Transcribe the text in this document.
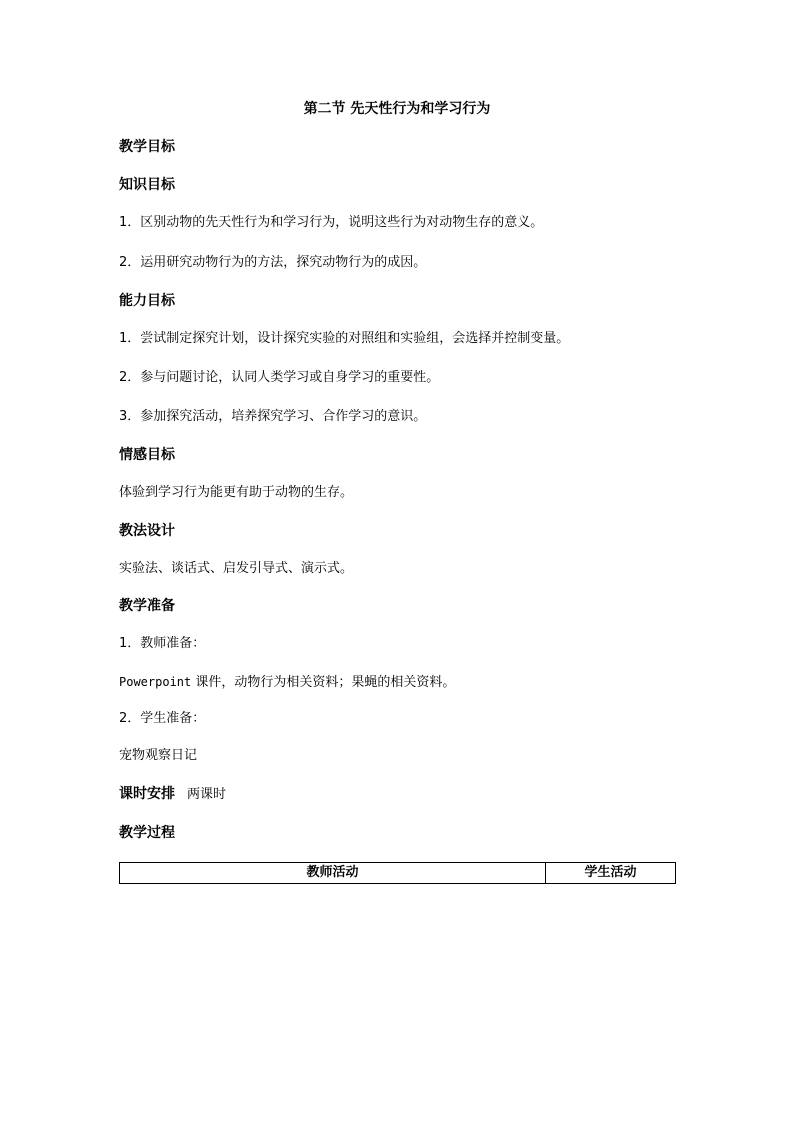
第二节 先天性行为和学习行为
教学目标
知识目标
1．区别动物的先天性行为和学习行为，说明这些行为对动物生存的意义。
2．运用研究动物行为的方法，探究动物行为的成因。
能力目标
1．尝试制定探究计划，设计探究实验的对照组和实验组，会选择并控制变量。
2．参与问题讨论，认同人类学习或自身学习的重要性。
3．参加探究活动，培养探究学习、合作学习的意识。
情感目标
体验到学习行为能更有助于动物的生存。
教法设计
实验法、谈话式、启发引导式、演示式。
教学准备
1．教师准备：
Powerpoint 课件，动物行为相关资料；果蝇的相关资料。
2．学生准备：
宠物观察日记
课时安排 两课时
教学过程
教师活动	学生活动
